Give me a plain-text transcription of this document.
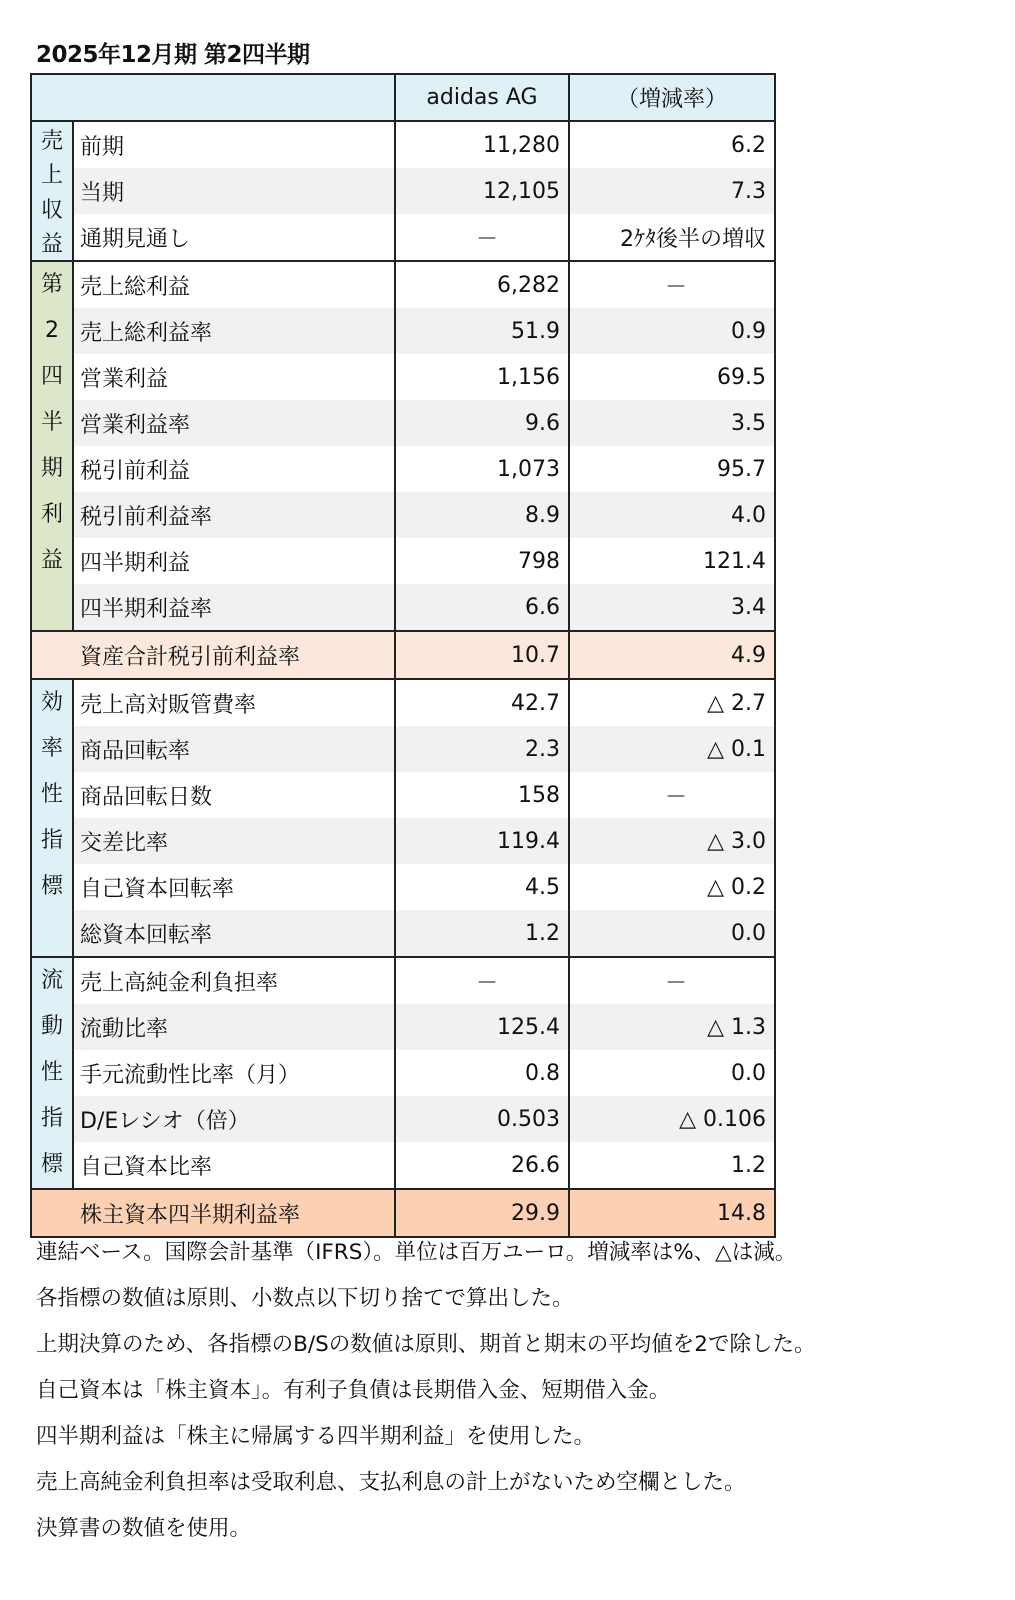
2025年12月期 第2四半期
adidas AG	（増減率）
売
上
収
益
前期	11,280	6.2
当期	12,105	7.3
通期見通し	－	2ｹﾀ後半の増収
第
2
四
半
期
利
益
売上総利益	6,282	－
売上総利益率	51.9	0.9
営業利益	1,156	69.5
営業利益率	9.6	3.5
税引前利益	1,073	95.7
税引前利益率	8.9	4.0
四半期利益	798	121.4
四半期利益率	6.6	3.4
資産合計税引前利益率	10.7	4.9
効
率
性
指
標
売上高対販管費率	42.7	△ 2.7
商品回転率	2.3	△ 0.1
商品回転日数	158	－
交差比率	119.4	△ 3.0
自己資本回転率	4.5	△ 0.2
総資本回転率	1.2	0.0
流
動
性
指
標
売上高純金利負担率	－	－
流動比率	125.4	△ 1.3
手元流動性比率（月）	0.8	0.0
D/Eレシオ（倍）	0.503	△ 0.106
自己資本比率	26.6	1.2
株主資本四半期利益率	29.9	14.8
連結ベース。国際会計基準（IFRS）。単位は百万ユーロ。増減率は%、△は減。
各指標の数値は原則、小数点以下切り捨てで算出した。
上期決算のため、各指標のB/Sの数値は原則、期首と期末の平均値を2で除した。
自己資本は「株主資本」。有利子負債は長期借入金、短期借入金。
四半期利益は「株主に帰属する四半期利益」を使用した。
売上高純金利負担率は受取利息、支払利息の計上がないため空欄とした。
決算書の数値を使用。
